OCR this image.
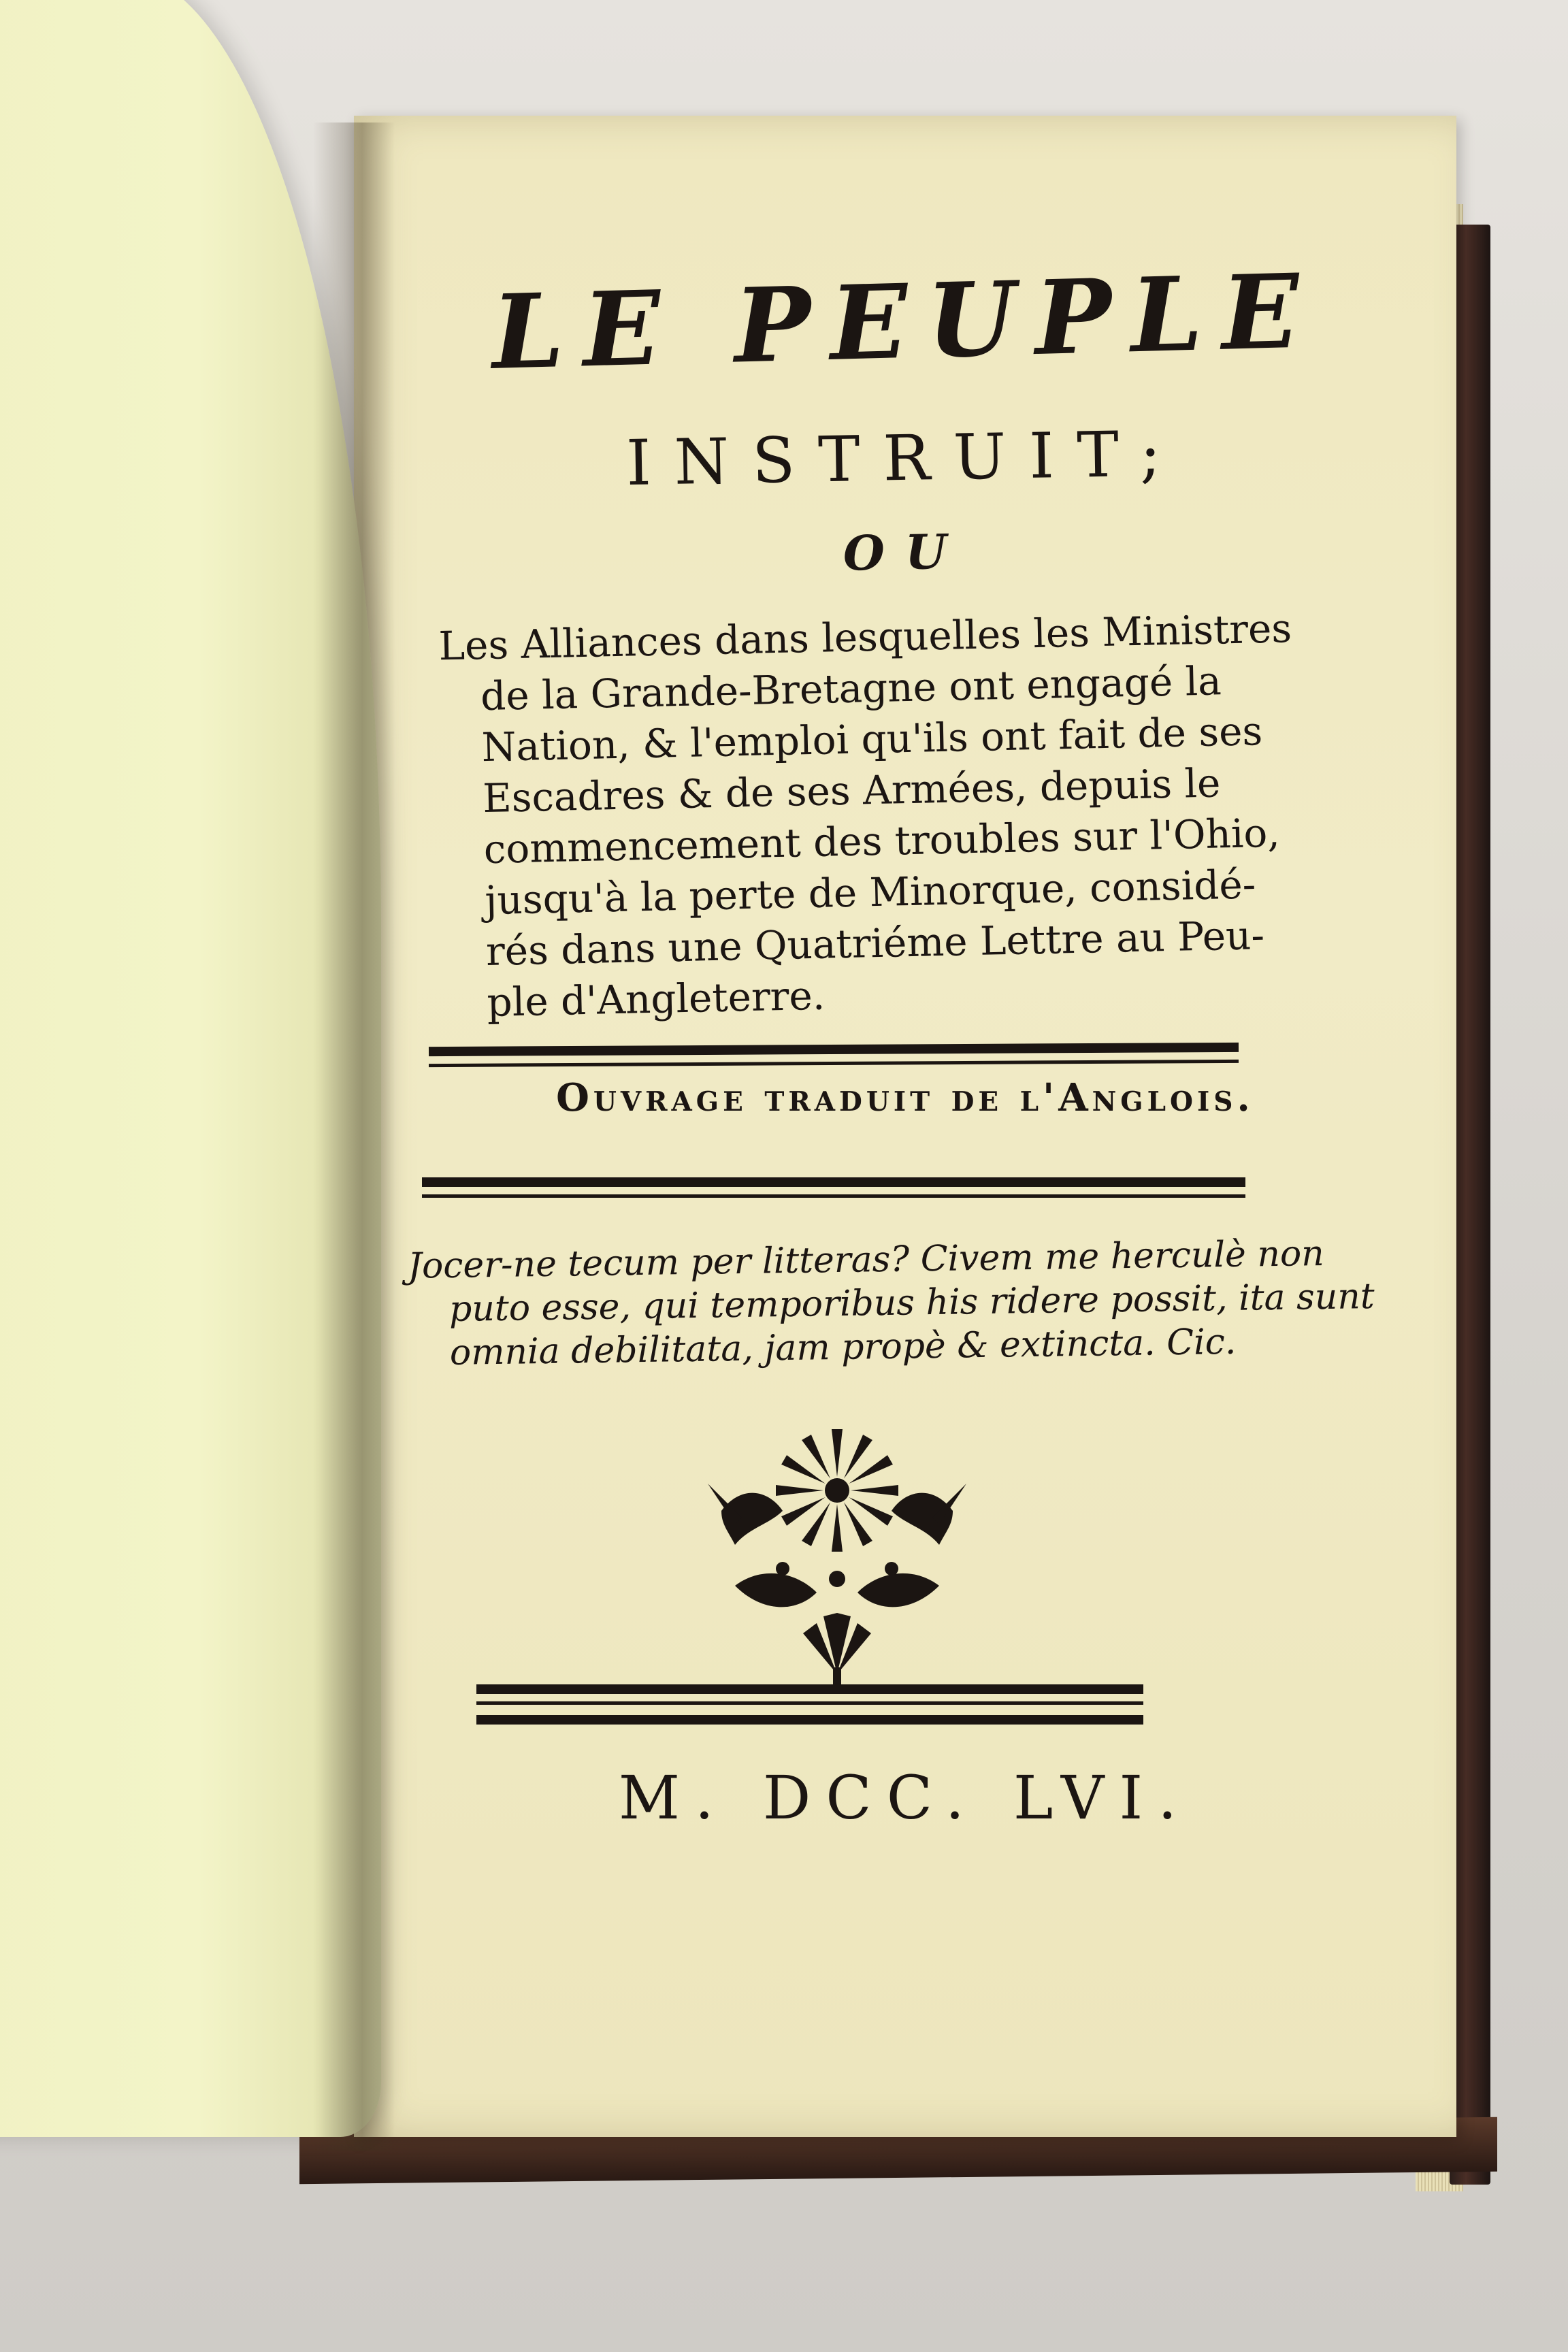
LE PEUPLE

INSTRUIT;

OU

Les Alliances dans lesquelles les Ministres
de la Grande-Bretagne ont engagé la
Nation, & l'emploi qu'ils ont fait de ses
Escadres & de ses Armées, depuis le
commencement des troubles sur l'Ohio,
jusqu'à la perte de Minorque, considé-
rés dans une Quatriéme Lettre au Peu-
ple d'Angleterre.

Ouvrage traduit de l'Anglois.

Jocer-ne tecum per litteras? Civem me herculè non
puto esse, qui temporibus his ridere possit, ita sunt
omnia debilitata, jam propè & extincta. Cic.

M. DCC. LVI.
